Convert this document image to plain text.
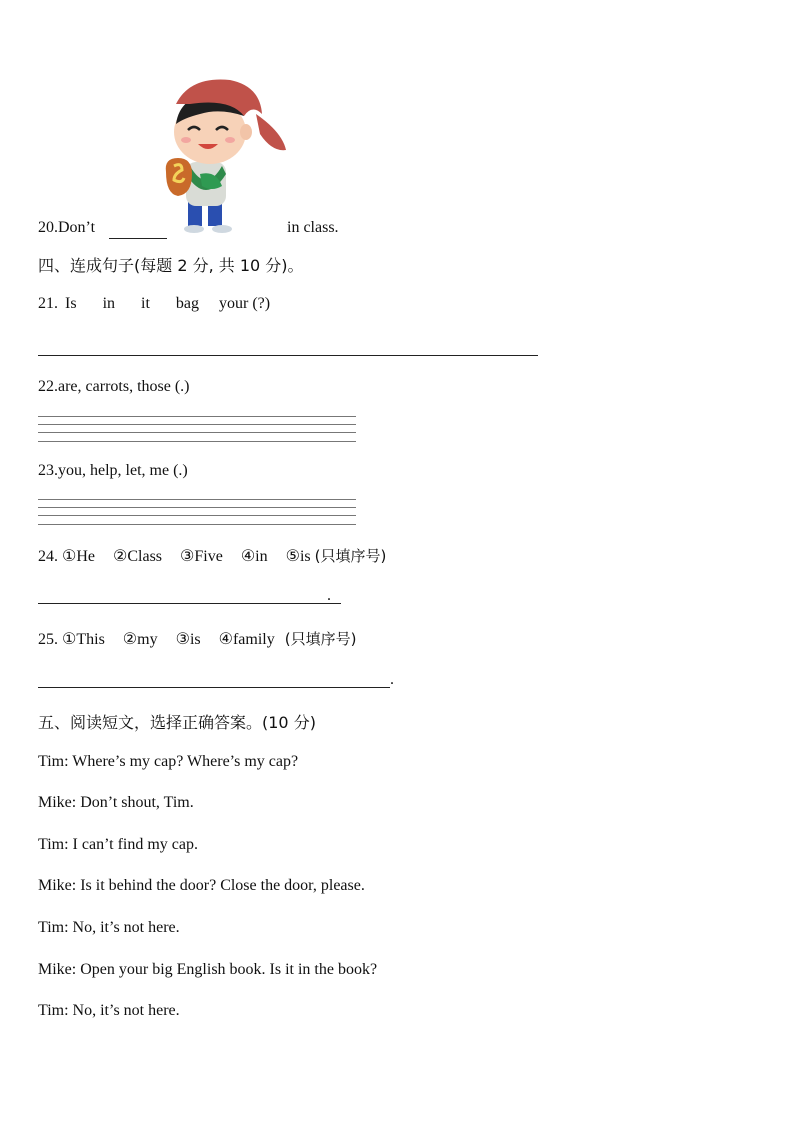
20.Don’t	in class.
四、连成句子(每题 2 分, 共 10 分)。
21. Is in it bag your (?)
22.are, carrots, those (.)
23.you, help, let, me (.)
24. ①He ②Class ③Five ④in ⑤is (只填序号)
.
25. ①This ②my ③is ④family (只填序号)
.
五、阅读短文，选择正确答案。(10 分)
Tim: Where’s my cap? Where’s my cap?
Mike: Don’t shout, Tim.
Tim: I can’t find my cap.
Mike: Is it behind the door? Close the door, please.
Tim: No, it’s not here.
Mike: Open your big English book. Is it in the book?
Tim: No, it’s not here.
